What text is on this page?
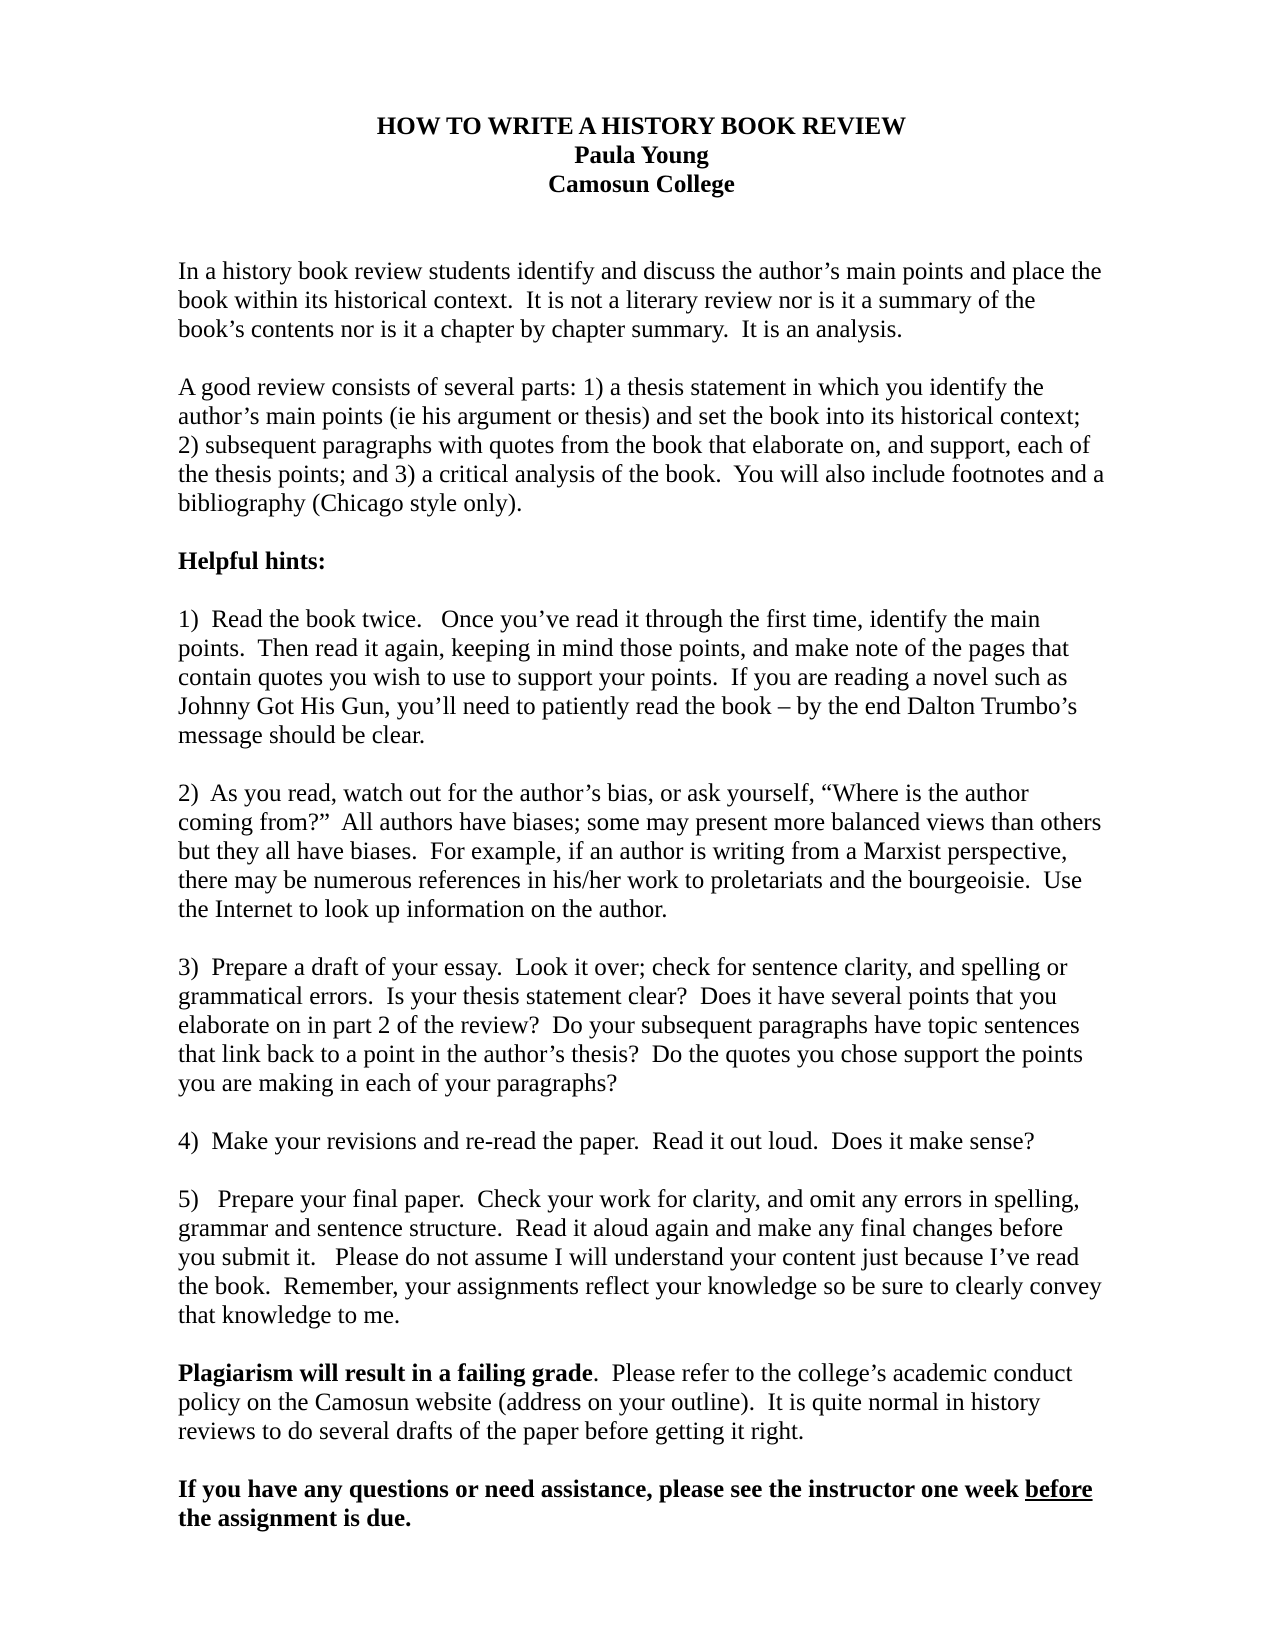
HOW TO WRITE A HISTORY BOOK REVIEW
Paula Young
Camosun College

In a history book review students identify and discuss the author’s main points and place the book within its historical context.  It is not a literary review nor is it a summary of the book’s contents nor is it a chapter by chapter summary.  It is an analysis.

A good review consists of several parts: 1) a thesis statement in which you identify the author’s main points (ie his argument or thesis) and set the book into its historical context; 2) subsequent paragraphs with quotes from the book that elaborate on, and support, each of the thesis points; and 3) a critical analysis of the book.  You will also include footnotes and a bibliography (Chicago style only).

Helpful hints:

1)  Read the book twice.   Once you’ve read it through the first time, identify the main points.  Then read it again, keeping in mind those points, and make note of the pages that contain quotes you wish to use to support your points.  If you are reading a novel such as Johnny Got His Gun, you’ll need to patiently read the book – by the end Dalton Trumbo’s message should be clear.

2)  As you read, watch out for the author’s bias, or ask yourself, “Where is the author coming from?”  All authors have biases; some may present more balanced views than others but they all have biases.  For example, if an author is writing from a Marxist perspective, there may be numerous references in his/her work to proletariats and the bourgeoisie.  Use the Internet to look up information on the author.

3)  Prepare a draft of your essay.  Look it over; check for sentence clarity, and spelling or grammatical errors.  Is your thesis statement clear?  Does it have several points that you elaborate on in part 2 of the review?  Do your subsequent paragraphs have topic sentences that link back to a point in the author’s thesis?  Do the quotes you chose support the points you are making in each of your paragraphs?

4)  Make your revisions and re-read the paper.  Read it out loud.  Does it make sense?

5)   Prepare your final paper.  Check your work for clarity, and omit any errors in spelling, grammar and sentence structure.  Read it aloud again and make any final changes before you submit it.   Please do not assume I will understand your content just because I’ve read the book.  Remember, your assignments reflect your knowledge so be sure to clearly convey that knowledge to me.

Plagiarism will result in a failing grade.  Please refer to the college’s academic conduct policy on the Camosun website (address on your outline).  It is quite normal in history reviews to do several drafts of the paper before getting it right.

If you have any questions or need assistance, please see the instructor one week before the assignment is due.
